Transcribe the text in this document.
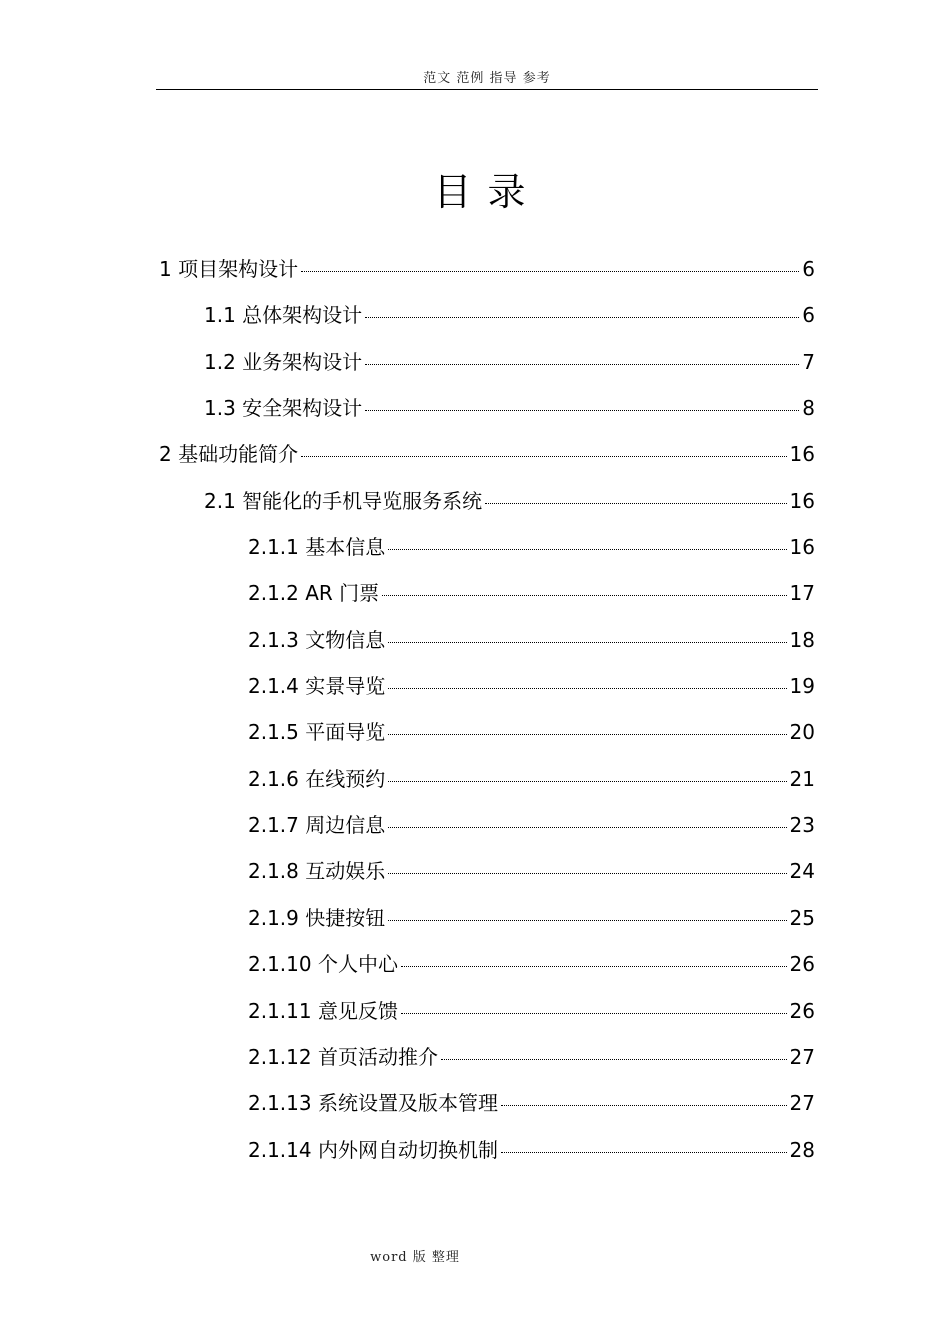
范文 范例 指导 参考
目录
1 项目架构设计	6
1.1 总体架构设计	6
1.2 业务架构设计	7
1.3 安全架构设计	8
2 基础功能简介	16
2.1 智能化的手机导览服务系统	16
2.1.1 基本信息	16
2.1.2 AR 门票	17
2.1.3 文物信息	18
2.1.4 实景导览	19
2.1.5 平面导览	20
2.1.6 在线预约	21
2.1.7 周边信息	23
2.1.8 互动娱乐	24
2.1.9 快捷按钮	25
2.1.10 个人中心	26
2.1.11 意见反馈	26
2.1.12 首页活动推介	27
2.1.13 系统设置及版本管理	27
2.1.14 内外网自动切换机制	28
word 版 整理
